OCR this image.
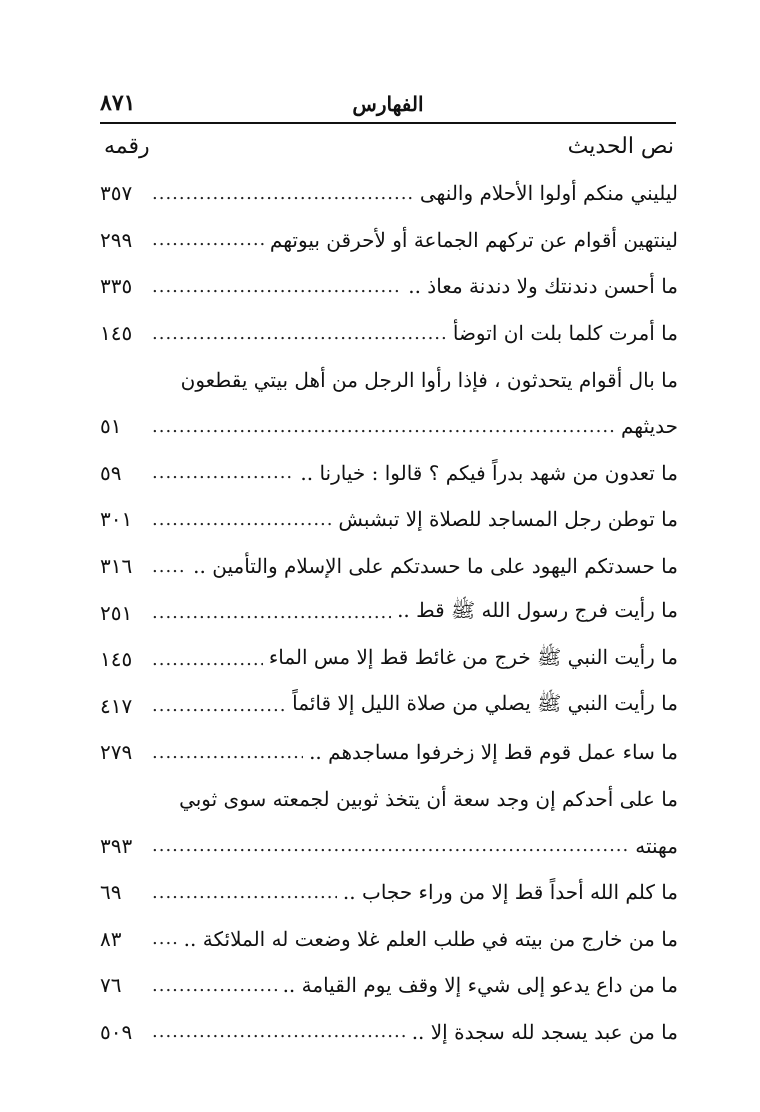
٨٧١	الفهارس
نص الحديث
رقمه
ليليني منكم أولوا الأحلام والنهى
.....
٣٥٧
لينتهين أقوام عن تركهم الجماعة أو لأحرقن بيوتهم
.....
٢٩٩
ما أحسن دندنتك ولا دندنة معاذ ..
.....
٣٣٥
ما أمرت كلما بلت ان اتوضأ
.....
١٤٥
ما بال أقوام يتحدثون ، فإذا رأوا الرجل من أهل بيتي يقطعون
حديثهم
.....
٥١
ما تعدون من شهد بدراً فيكم ؟ قالوا : خيارنا ..
.....
٥٩
ما توطن رجل المساجد للصلاة إلا تبشبش
.....
٣٠١
ما حسدتكم اليهود على ما حسدتكم على الإسلام والتأمين ..
.....
٣١٦
ما رأيت فرج رسول الله ﷺ قط ..
.....
٢٥١
ما رأيت النبي ﷺ خرج من غائط قط إلا مس الماء
.....
١٤٥
ما رأيت النبي ﷺ يصلي من صلاة الليل إلا قائماً
.....
٤١٧
ما ساء عمل قوم قط إلا زخرفوا مساجدهم ..
.....
٢٧٩
ما على أحدكم إن وجد سعة أن يتخذ ثوبين لجمعته سوى ثوبي
مهنته
.....
٣٩٣
ما كلم الله أحداً قط إلا من وراء حجاب ..
.....
٦٩
ما من خارج من بيته في طلب العلم غلا وضعت له الملائكة ..
.....
٨٣
ما من داع يدعو إلى شيء إلا وقف يوم القيامة ..
.....
٧٦
ما من عبد يسجد لله سجدة إلا ..
.....
٥٠٩
